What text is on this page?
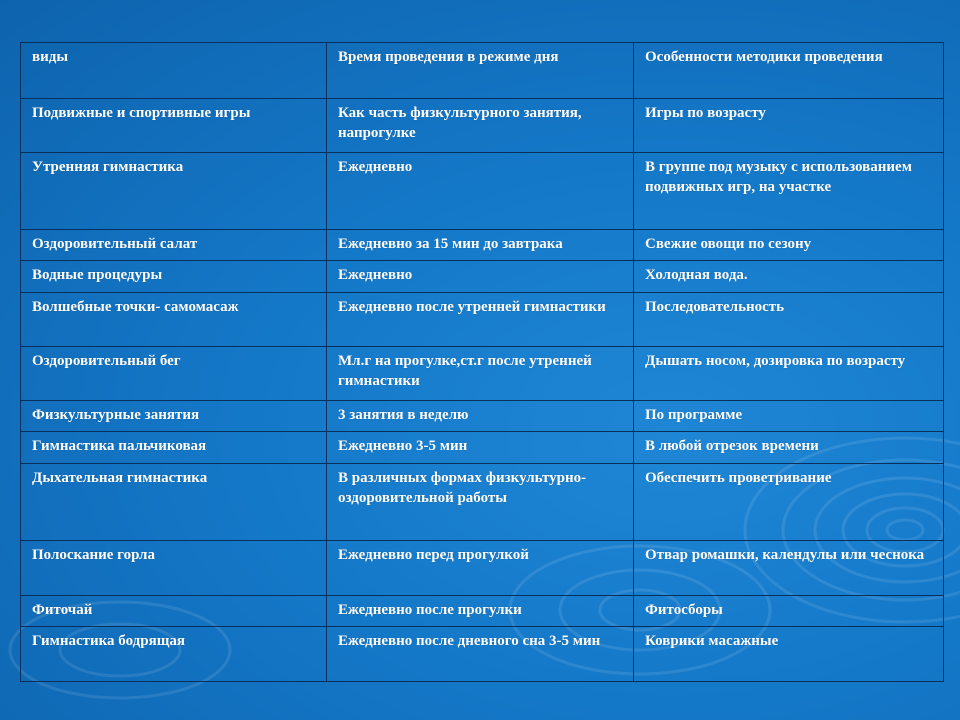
виды	Время проведения в режиме дня	Особенности методики проведения
Подвижные и спортивные игры	Как часть физкультурного занятия, напрогулке	Игры по возрасту
Утренняя гимнастика	Ежедневно	В группе под музыку с использованием подвижных игр, на участке
Оздоровительный салат	Ежедневно за 15 мин до завтрака	Свежие овощи по сезону
Водные процедуры	Ежедневно	Холодная вода.
Волшебные точки- самомасаж	Ежедневно после утренней гимнастики	Последовательность
Оздоровительный бег	Мл.г на прогулке,ст.г после утренней гимнастики	Дышать носом, дозировка по возрасту
Физкультурные занятия	3 занятия в неделю	По программе
Гимнастика пальчиковая	Ежедневно 3-5 мин	В любой отрезок времени
Дыхательная гимнастика	В различных формах физкультурно-оздоровительной работы	Обеспечить проветривание
Полоскание горла	Ежедневно перед прогулкой	Отвар ромашки, календулы или чеснока
Фиточай	Ежедневно после прогулки	Фитосборы
Гимнастика бодрящая	Ежедневно после дневного сна 3-5 мин	Коврики масажные
